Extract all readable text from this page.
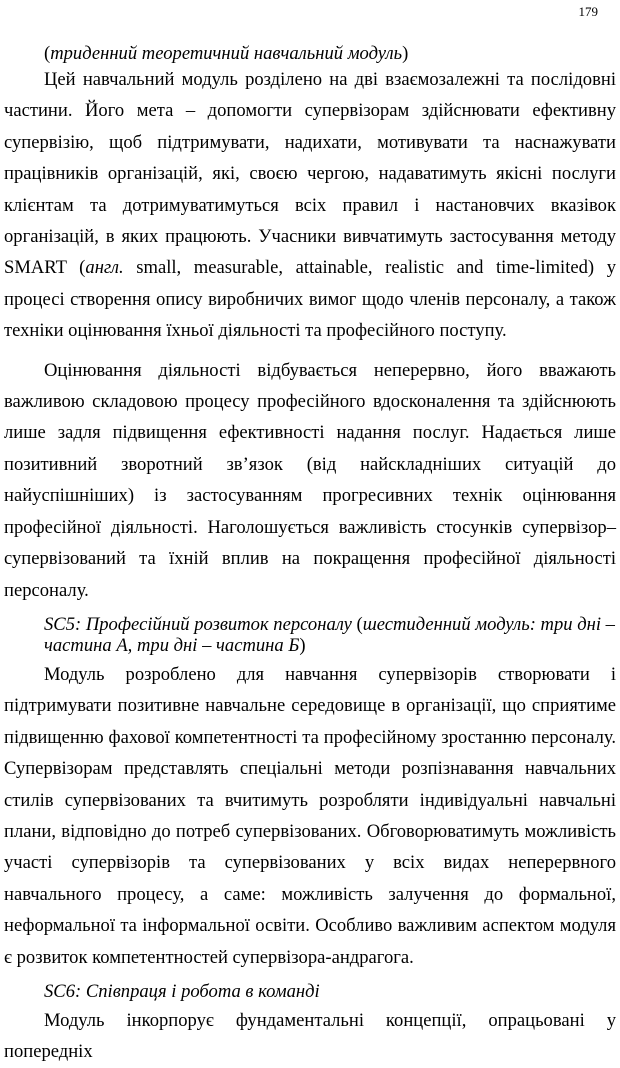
179

(триденний теоретичний навчальний модуль)

Цей навчальний модуль розділено на дві взаємозалежні та послідовні частини. Його мета – допомогти супервізорам здійснювати ефективну супервізію, щоб підтримувати, надихати, мотивувати та наснажувати працівників організацій, які, своєю чергою, надаватимуть якісні послуги клієнтам та дотримуватимуться всіх правил і настановчих вказівок організацій, в яких працюють. Учасники вивчатимуть застосування методу SMART (англ. small, measurable, attainable, realistic and time-limited) у процесі створення опису виробничих вимог щодо членів персоналу, а також техніки оцінювання їхньої діяльності та професійного поступу.

Оцінювання діяльності відбувається неперервно, його вважають важливою складовою процесу професійного вдосконалення та здійснюють лише задля підвищення ефективності надання послуг. Надається лише позитивний зворотний зв’язок (від найскладніших ситуацій до найуспішніших) із застосуванням прогресивних технік оцінювання професійної діяльності. Наголошується важливість стосунків супервізор–супервізований та їхній вплив на покращення професійної діяльності персоналу.

SC5: Професійний розвиток персоналу (шестиденний модуль: три дні – частина А, три дні – частина Б)

Модуль розроблено для навчання супервізорів створювати і підтримувати позитивне навчальне середовище в організації, що сприятиме підвищенню фахової компетентності та професійному зростанню персоналу. Супервізорам представлять спеціальні методи розпізнавання навчальних стилів супервізованих та вчитимуть розробляти індивідуальні навчальні плани, відповідно до потреб супервізованих. Обговорюватимуть можливість участі супервізорів та супервізованих у всіх видах неперервного навчального процесу, а саме: можливість залучення до формальної, неформальної та інформальної освіти. Особливо важливим аспектом модуля є розвиток компетентностей супервізора-андрагога.

SC6: Співпраця і робота в команді

Модуль інкорпорує фундаментальні концепції, опрацьовані у попередніх
